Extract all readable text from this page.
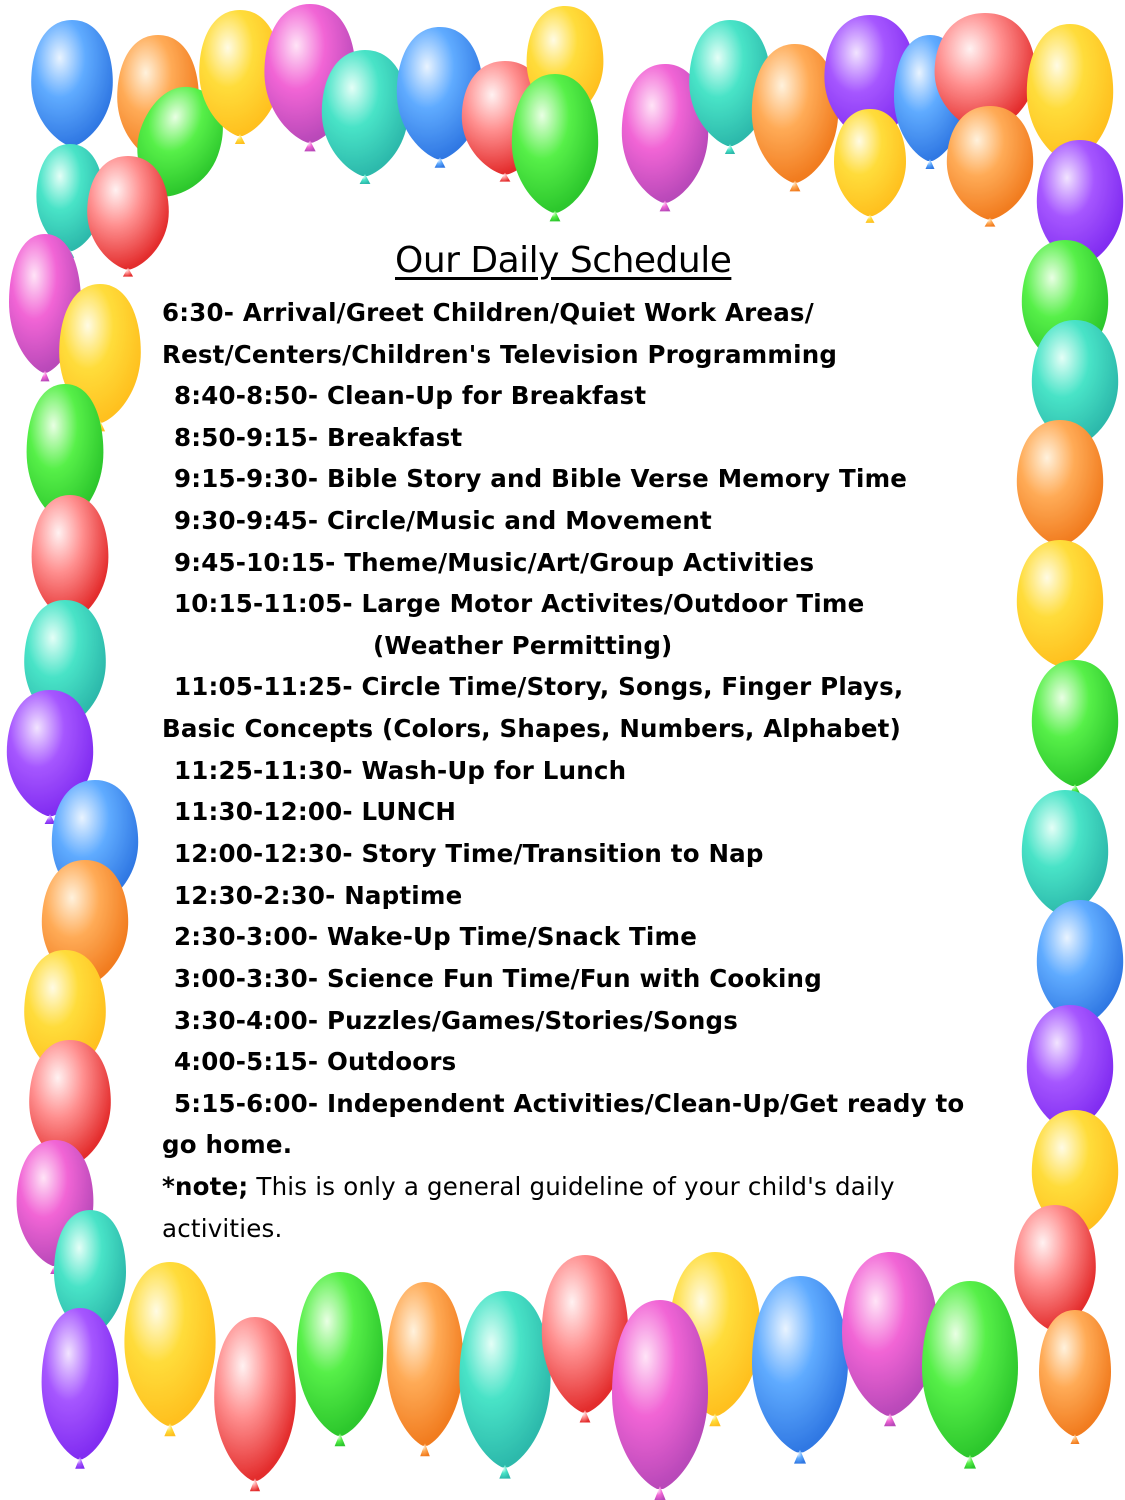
Our Daily Schedule
6:30- Arrival/Greet Children/Quiet Work Areas/
Rest/Centers/Children's Television Programming
8:40-8:50- Clean-Up for Breakfast
8:50-9:15- Breakfast
9:15-9:30- Bible Story and Bible Verse Memory Time
9:30-9:45- Circle/Music and Movement
9:45-10:15- Theme/Music/Art/Group Activities
10:15-11:05- Large Motor Activites/Outdoor Time
(Weather Permitting)
11:05-11:25- Circle Time/Story, Songs, Finger Plays,
Basic Concepts (Colors, Shapes, Numbers, Alphabet)
11:25-11:30- Wash-Up for Lunch
11:30-12:00- LUNCH
12:00-12:30- Story Time/Transition to Nap
12:30-2:30- Naptime
2:30-3:00- Wake-Up Time/Snack Time
3:00-3:30- Science Fun Time/Fun with Cooking
3:30-4:00- Puzzles/Games/Stories/Songs
4:00-5:15- Outdoors
5:15-6:00- Independent Activities/Clean-Up/Get ready to
go home.
*note; This is only a general guideline of your child's daily
activities.
